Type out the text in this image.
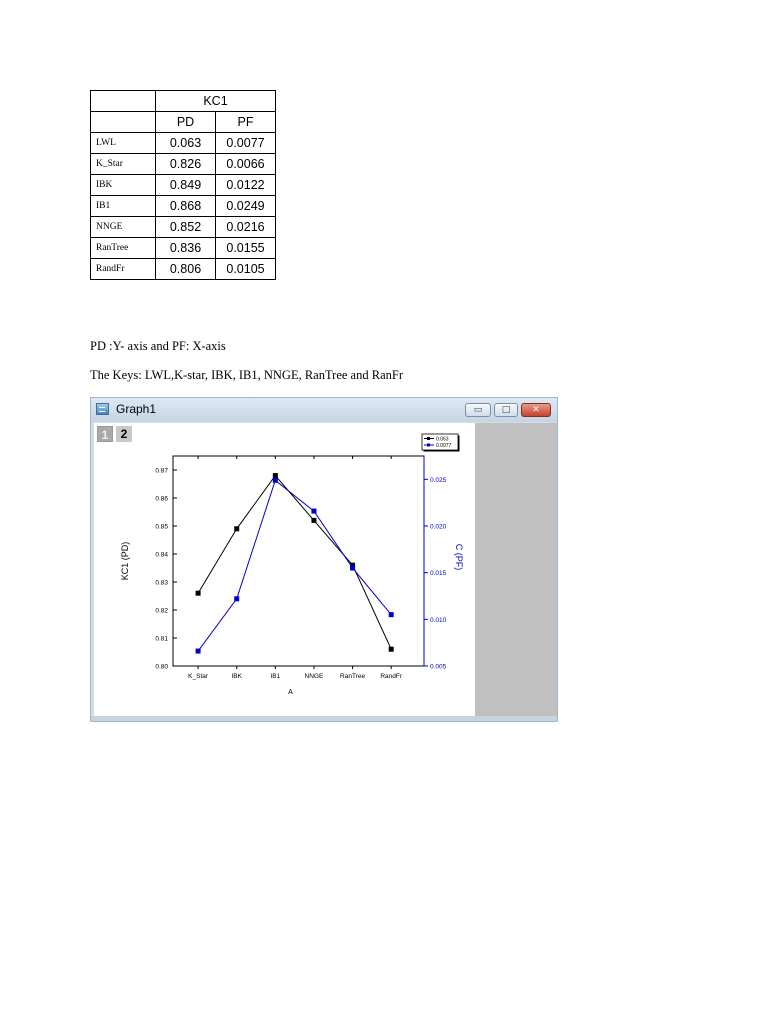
	KC1	
	PD	PF
LWL	0.063	0.0077
K_Star	0.826	0.0066
IBK	0.849	0.0122
IB1	0.868	0.0249
NNGE	0.852	0.0216
RanTree	0.836	0.0155
RandFr	0.806	0.0105
PD :Y- axis and PF: X-axis
The Keys: LWL,K-star, IBK, IB1, NNGE, RanTree and RanFr
Graph1	▭	□	✕
1	2
0.80
0.81
0.82
0.83
0.84
0.85
0.86
0.87
0.005
0.010
0.015
0.020
0.025
K_Star	IBK	IB1	NNGE	RanTree RandFr
A
KC1 (PD)	C (PF)
0.063
0.0077
